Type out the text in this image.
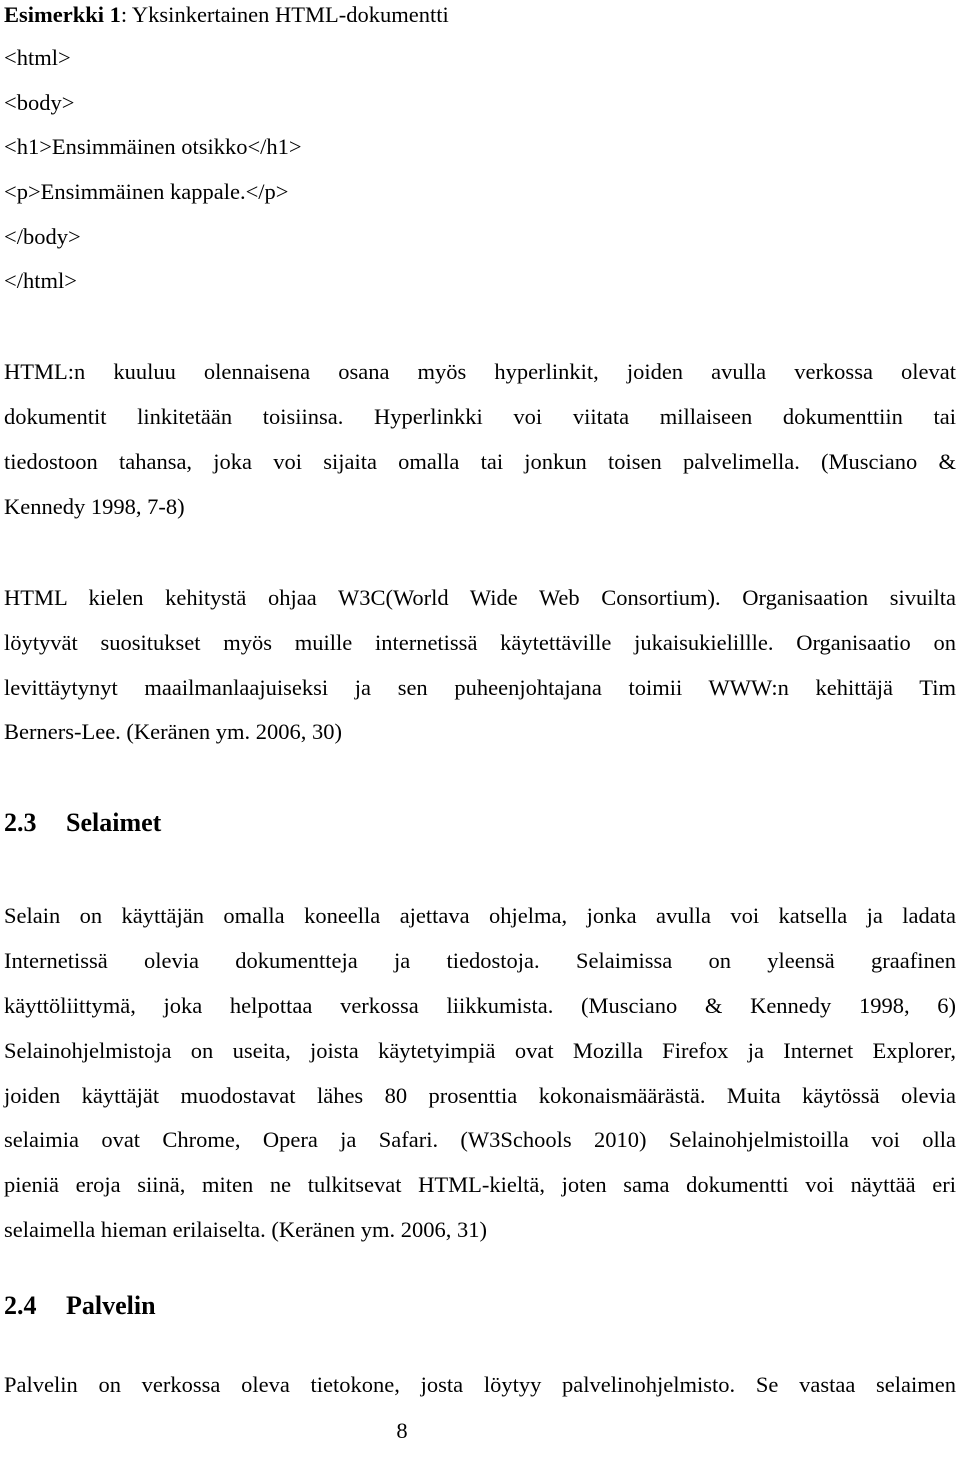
Esimerkki 1: Yksinkertainen HTML-dokumentti
<html>
<body>
<h1>Ensimmäinen otsikko</h1>
<p>Ensimmäinen kappale.</p>
</body>
</html>
HTML:n kuuluu olennaisena osana myös hyperlinkit, joiden avulla verkossa olevat
dokumentit linkitetään toisiinsa. Hyperlinkki voi viitata millaiseen dokumenttiin tai
tiedostoon tahansa, joka voi sijaita omalla tai jonkun toisen palvelimella. (Musciano &
Kennedy 1998, 7-8)
HTML kielen kehitystä ohjaa W3C(World Wide Web Consortium). Organisaation sivuilta
löytyvät suositukset myös muille internetissä käytettäville jukaisukielillle. Organisaatio on
levittäytynyt maailmanlaajuiseksi ja sen puheenjohtajana toimii WWW:n kehittäjä Tim
Berners-Lee. (Keränen ym. 2006, 30)
2.3 Selaimet
Selain on käyttäjän omalla koneella ajettava ohjelma, jonka avulla voi katsella ja ladata
Internetissä olevia dokumentteja ja tiedostoja. Selaimissa on yleensä graafinen
käyttöliittymä, joka helpottaa verkossa liikkumista. (Musciano & Kennedy 1998, 6)
Selainohjelmistoja on useita, joista käytetyimpiä ovat Mozilla Firefox ja Internet Explorer,
joiden käyttäjät muodostavat lähes 80 prosenttia kokonaismäärästä. Muita käytössä olevia
selaimia ovat Chrome, Opera ja Safari. (W3Schools 2010) Selainohjelmistoilla voi olla
pieniä eroja siinä, miten ne tulkitsevat HTML-kieltä, joten sama dokumentti voi näyttää eri
selaimella hieman erilaiselta. (Keränen ym. 2006, 31)
2.4 Palvelin
Palvelin on verkossa oleva tietokone, josta löytyy palvelinohjelmisto. Se vastaa selaimen
8
